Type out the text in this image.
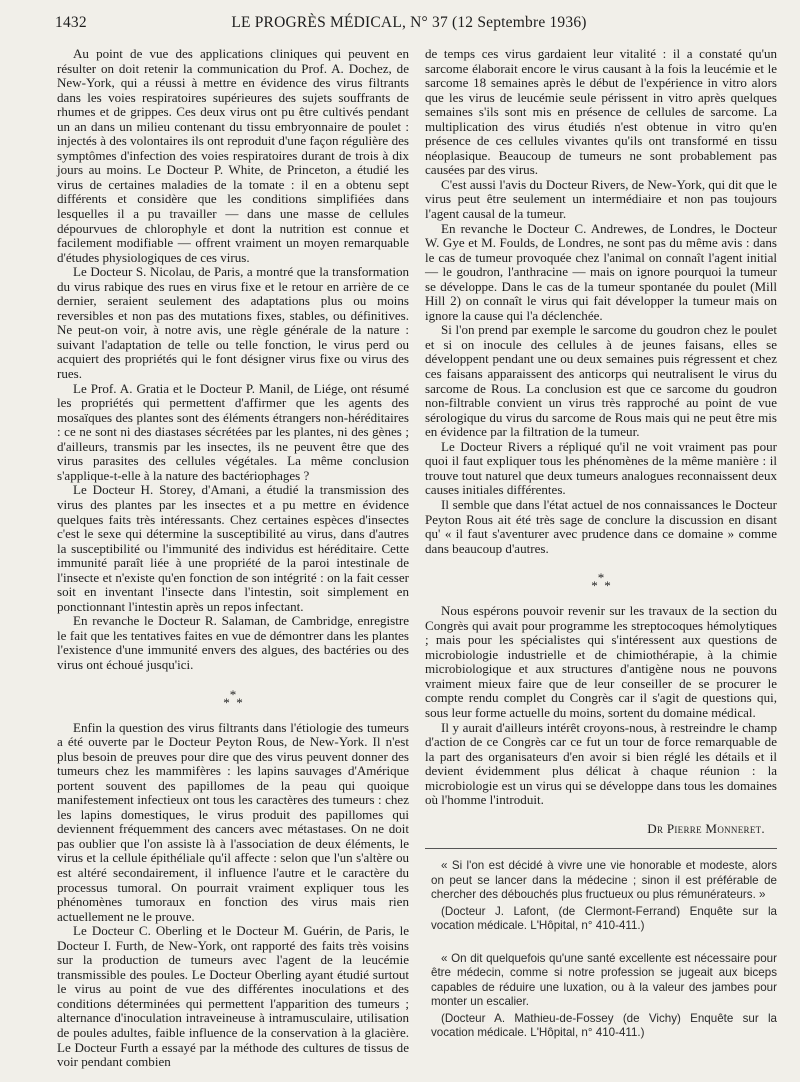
1432	LE PROGRÈS MÉDICAL, N° 37 (12 Septembre 1936)

Au point de vue des applications cliniques qui peuvent en résulter on doit retenir la communication du Prof. A. Dochez, de New-York, qui a réussi à mettre en évidence des virus filtrants dans les voies respiratoires supérieures des sujets souffrants de rhumes et de grippes. Ces deux virus ont pu être cultivés pendant un an dans un milieu contenant du tissu embryonnaire de poulet : injectés à des volontaires ils ont reproduit d'une façon régulière des symptômes d'infection des voies respiratoires durant de trois à dix jours au moins. Le Docteur P. White, de Princeton, a étudié les virus de certaines maladies de la tomate : il en a obtenu sept différents et considère que les conditions simplifiées dans lesquelles il a pu travailler — dans une masse de cellules dépourvues de chlorophyle et dont la nutrition est connue et facilement modifiable — offrent vraiment un moyen remarquable d'études physiologiques de ces virus.

Le Docteur S. Nicolau, de Paris, a montré que la transformation du virus rabique des rues en virus fixe et le retour en arrière de ce dernier, seraient seulement des adaptations plus ou moins reversibles et non pas des mutations fixes, stables, ou définitives. Ne peut-on voir, à notre avis, une règle générale de la nature : suivant l'adaptation de telle ou telle fonction, le virus perd ou acquiert des propriétés qui le font désigner virus fixe ou virus des rues.

Le Prof. A. Gratia et le Docteur P. Manil, de Liége, ont résumé les propriétés qui permettent d'affirmer que les agents des mosaïques des plantes sont des éléments étrangers non-héréditaires : ce ne sont ni des diastases sécrétées par les plantes, ni des gènes ; d'ailleurs, transmis par les insectes, ils ne peuvent être que des virus parasites des cellules végétales. La même conclusion s'applique-t-elle à la nature des bactériophages ?

Le Docteur H. Storey, d'Amani, a étudié la transmission des virus des plantes par les insectes et a pu mettre en évidence quelques faits très intéressants. Chez certaines espèces d'insectes c'est le sexe qui détermine la susceptibilité au virus, dans d'autres la susceptibilité ou l'immunité des individus est héréditaire. Cette immunité paraît liée à une propriété de la paroi intestinale de l'insecte et n'existe qu'en fonction de son intégrité : on la fait cesser soit en inventant l'insecte dans l'intestin, soit simplement en ponctionnant l'intestin après un repos infectant.

En revanche le Docteur R. Salaman, de Cambridge, enregistre le fait que les tentatives faites en vue de démontrer dans les plantes l'existence d'une immunité envers des algues, des bactéries ou des virus ont échoué jusqu'ici.

*
* *

Enfin la question des virus filtrants dans l'étiologie des tumeurs a été ouverte par le Docteur Peyton Rous, de New-York. Il n'est plus besoin de preuves pour dire que des virus peuvent donner des tumeurs chez les mammifères : les lapins sauvages d'Amérique portent souvent des papillomes de la peau qui quoique manifestement infectieux ont tous les caractères des tumeurs : chez les lapins domestiques, le virus produit des papillomes qui deviennent fréquemment des cancers avec métastases. On ne doit pas oublier que l'on assiste là à l'association de deux éléments, le virus et la cellule épithéliale qu'il affecte : selon que l'un s'altère ou est altéré secondairement, il influence l'autre et le caractère du processus tumoral. On pourrait vraiment expliquer tous les phénomènes tumoraux en fonction des virus mais rien actuellement ne le prouve.

Le Docteur C. Oberling et le Docteur M. Guérin, de Paris, le Docteur I. Furth, de New-York, ont rapporté des faits très voisins sur la production de tumeurs avec l'agent de la leucémie transmissible des poules. Le Docteur Oberling ayant étudié surtout le virus au point de vue des différentes inoculations et des conditions déterminées qui permettent l'apparition des tumeurs ; alternance d'inoculation intraveineuse à intramusculaire, utilisation de poules adultes, faible influence de la conservation à la glacière. Le Docteur Furth a essayé par la méthode des cultures de tissus de voir pendant combien

de temps ces virus gardaient leur vitalité : il a constaté qu'un sarcome élaborait encore le virus causant à la fois la leucémie et le sarcome 18 semaines après le début de l'expérience in vitro alors que les virus de leucémie seule périssent in vitro après quelques semaines s'ils sont mis en présence de cellules de sarcome. La multiplication des virus étudiés n'est obtenue in vitro qu'en présence de ces cellules vivantes qu'ils ont transformé en tissu néoplasique. Beaucoup de tumeurs ne sont probablement pas causées par des virus.

C'est aussi l'avis du Docteur Rivers, de New-York, qui dit que le virus peut être seulement un intermédiaire et non pas toujours l'agent causal de la tumeur.

En revanche le Docteur C. Andrewes, de Londres, le Docteur W. Gye et M. Foulds, de Londres, ne sont pas du même avis : dans le cas de tumeur provoquée chez l'animal on connaît l'agent initial — le goudron, l'anthracine — mais on ignore pourquoi la tumeur se développe. Dans le cas de la tumeur spontanée du poulet (Mill Hill 2) on connaît le virus qui fait développer la tumeur mais on ignore la cause qui l'a déclenchée.

Si l'on prend par exemple le sarcome du goudron chez le poulet et si on inocule des cellules à de jeunes faisans, elles se développent pendant une ou deux semaines puis régressent et chez ces faisans apparaissent des anticorps qui neutralisent le virus du sarcome de Rous. La conclusion est que ce sarcome du goudron non-filtrable convient un virus très rapproché au point de vue sérologique du virus du sarcome de Rous mais qui ne peut être mis en évidence par la filtration de la tumeur.

Le Docteur Rivers a répliqué qu'il ne voit vraiment pas pour quoi il faut expliquer tous les phénomènes de la même manière : il trouve tout naturel que deux tumeurs analogues reconnaissent deux causes initiales différentes.

Il semble que dans l'état actuel de nos connaissances le Docteur Peyton Rous ait été très sage de conclure la discussion en disant qu' « il faut s'aventurer avec prudence dans ce domaine » comme dans beaucoup d'autres.

*
* *

Nous espérons pouvoir revenir sur les travaux de la section du Congrès qui avait pour programme les streptocoques hémolytiques ; mais pour les spécialistes qui s'intéressent aux questions de microbiologie industrielle et de chimiothérapie, à la chimie microbiologique et aux structures d'antigène nous ne pouvons vraiment mieux faire que de leur conseiller de se procurer le compte rendu complet du Congrès car il s'agit de questions qui, sous leur forme actuelle du moins, sortent du domaine médical.

Il y aurait d'ailleurs intérêt croyons-nous, à restreindre le champ d'action de ce Congrès car ce fut un tour de force remarquable de la part des organisateurs d'en avoir si bien réglé les détails et il devient évidemment plus délicat à chaque réunion : la microbiologie est un virus qui se développe dans tous les domaines où l'homme l'introduit.

Dr Pierre Monneret.

« Si l'on est décidé à vivre une vie honorable et modeste, alors on peut se lancer dans la médecine ; sinon il est préférable de chercher des débouchés plus fructueux ou plus rémunérateurs. »

(Docteur J. Lafont, (de Clermont-Ferrand) Enquête sur la vocation médicale. L'Hôpital, n° 410-411.)

« On dit quelquefois qu'une santé excellente est nécessaire pour être médecin, comme si notre profession se jugeait aux biceps capables de réduire une luxation, ou à la valeur des jambes pour monter un escalier.

(Docteur A. Mathieu-de-Fossey (de Vichy) Enquête sur la vocation médicale. L'Hôpital, n° 410-411.)
